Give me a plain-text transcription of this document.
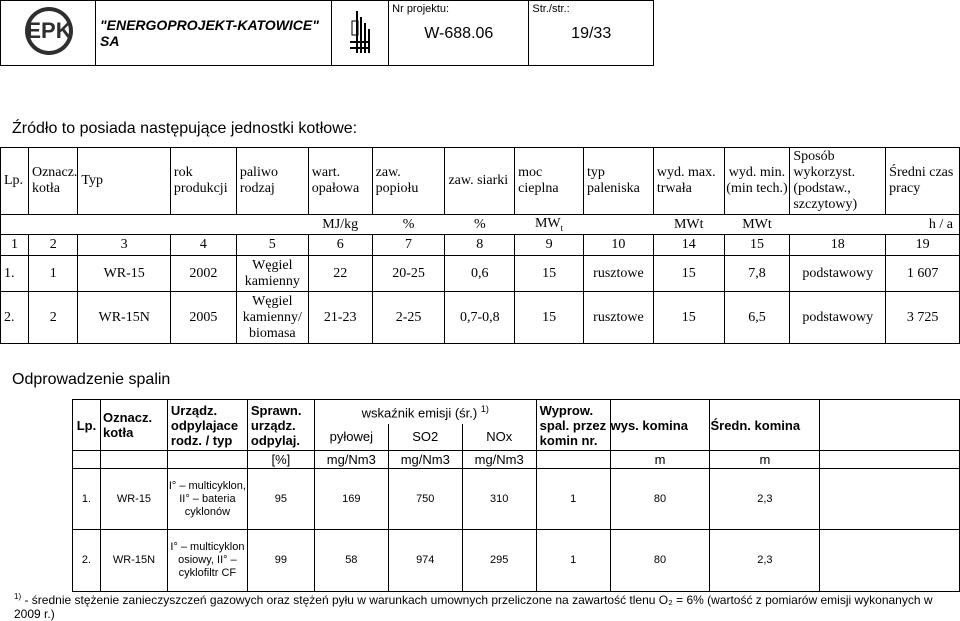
EPK	"ENERGOPROJEKT-KATOWICE" SA		
Nr projektu:
W-688.06

Str./str.:
19/33
Źródło to posiada następujące jednostki kotłowe:
Lp.	Oznacz. kotła	Typ	rok produkcji	paliwo rodzaj	wart. opałowa	zaw. popiołu	zaw. siarki	moc cieplna	typ paleniska	wyd. max. trwała	wyd. min. (min tech.)	Sposób wykorzyst. (podstaw., szczytowy)	Średni czas pracy
					MJ/kg	%	%	$MW_t$		MWt	MWt		h / a
1	2	3	4	5	6	7	8	9	10	14	15	18	19
1.	1	WR-15	2002	Węgiel kamienny	22	20-25	0,6	15	rusztowe	15	7,8	podstawowy	1 607
2.	2	WR-15N	2005	Węgiel kamienny/ biomasa	21-23	2-25	0,7-0,8	15	rusztowe	15	6,5	podstawowy	3 725
Odprowadzenie spalin
Lp.	Oznacz. kotła	Urządz. odpylajace rodz. / typ	Sprawn. urządz. odpylaj.	wskaźnik emisji (śr.) $^{1)}$			Wyprow. spal. przez komin nr.	wys. komina	Średn. komina	
				pyłowej	SO2	NOx				
			[%]	mg/Nm3	mg/Nm3	mg/Nm3		m	m	
1.	WR-15	I° – multicyklon, II° – bateria cyklonów	95	169	750	310	1	80	2,3	
2.	WR-15N	I° – multicyklon osiowy, II° – cyklofiltr CF	99	58	974	295	1	80	2,3	
$^{1)}$ - średnie stężenie zanieczyszczeń gazowych oraz stężeń pyłu w warunkach umownych przeliczone na zawartość tlenu O₂ = 6% (wartość z pomiarów emisji wykonanych w 2009 r.)
